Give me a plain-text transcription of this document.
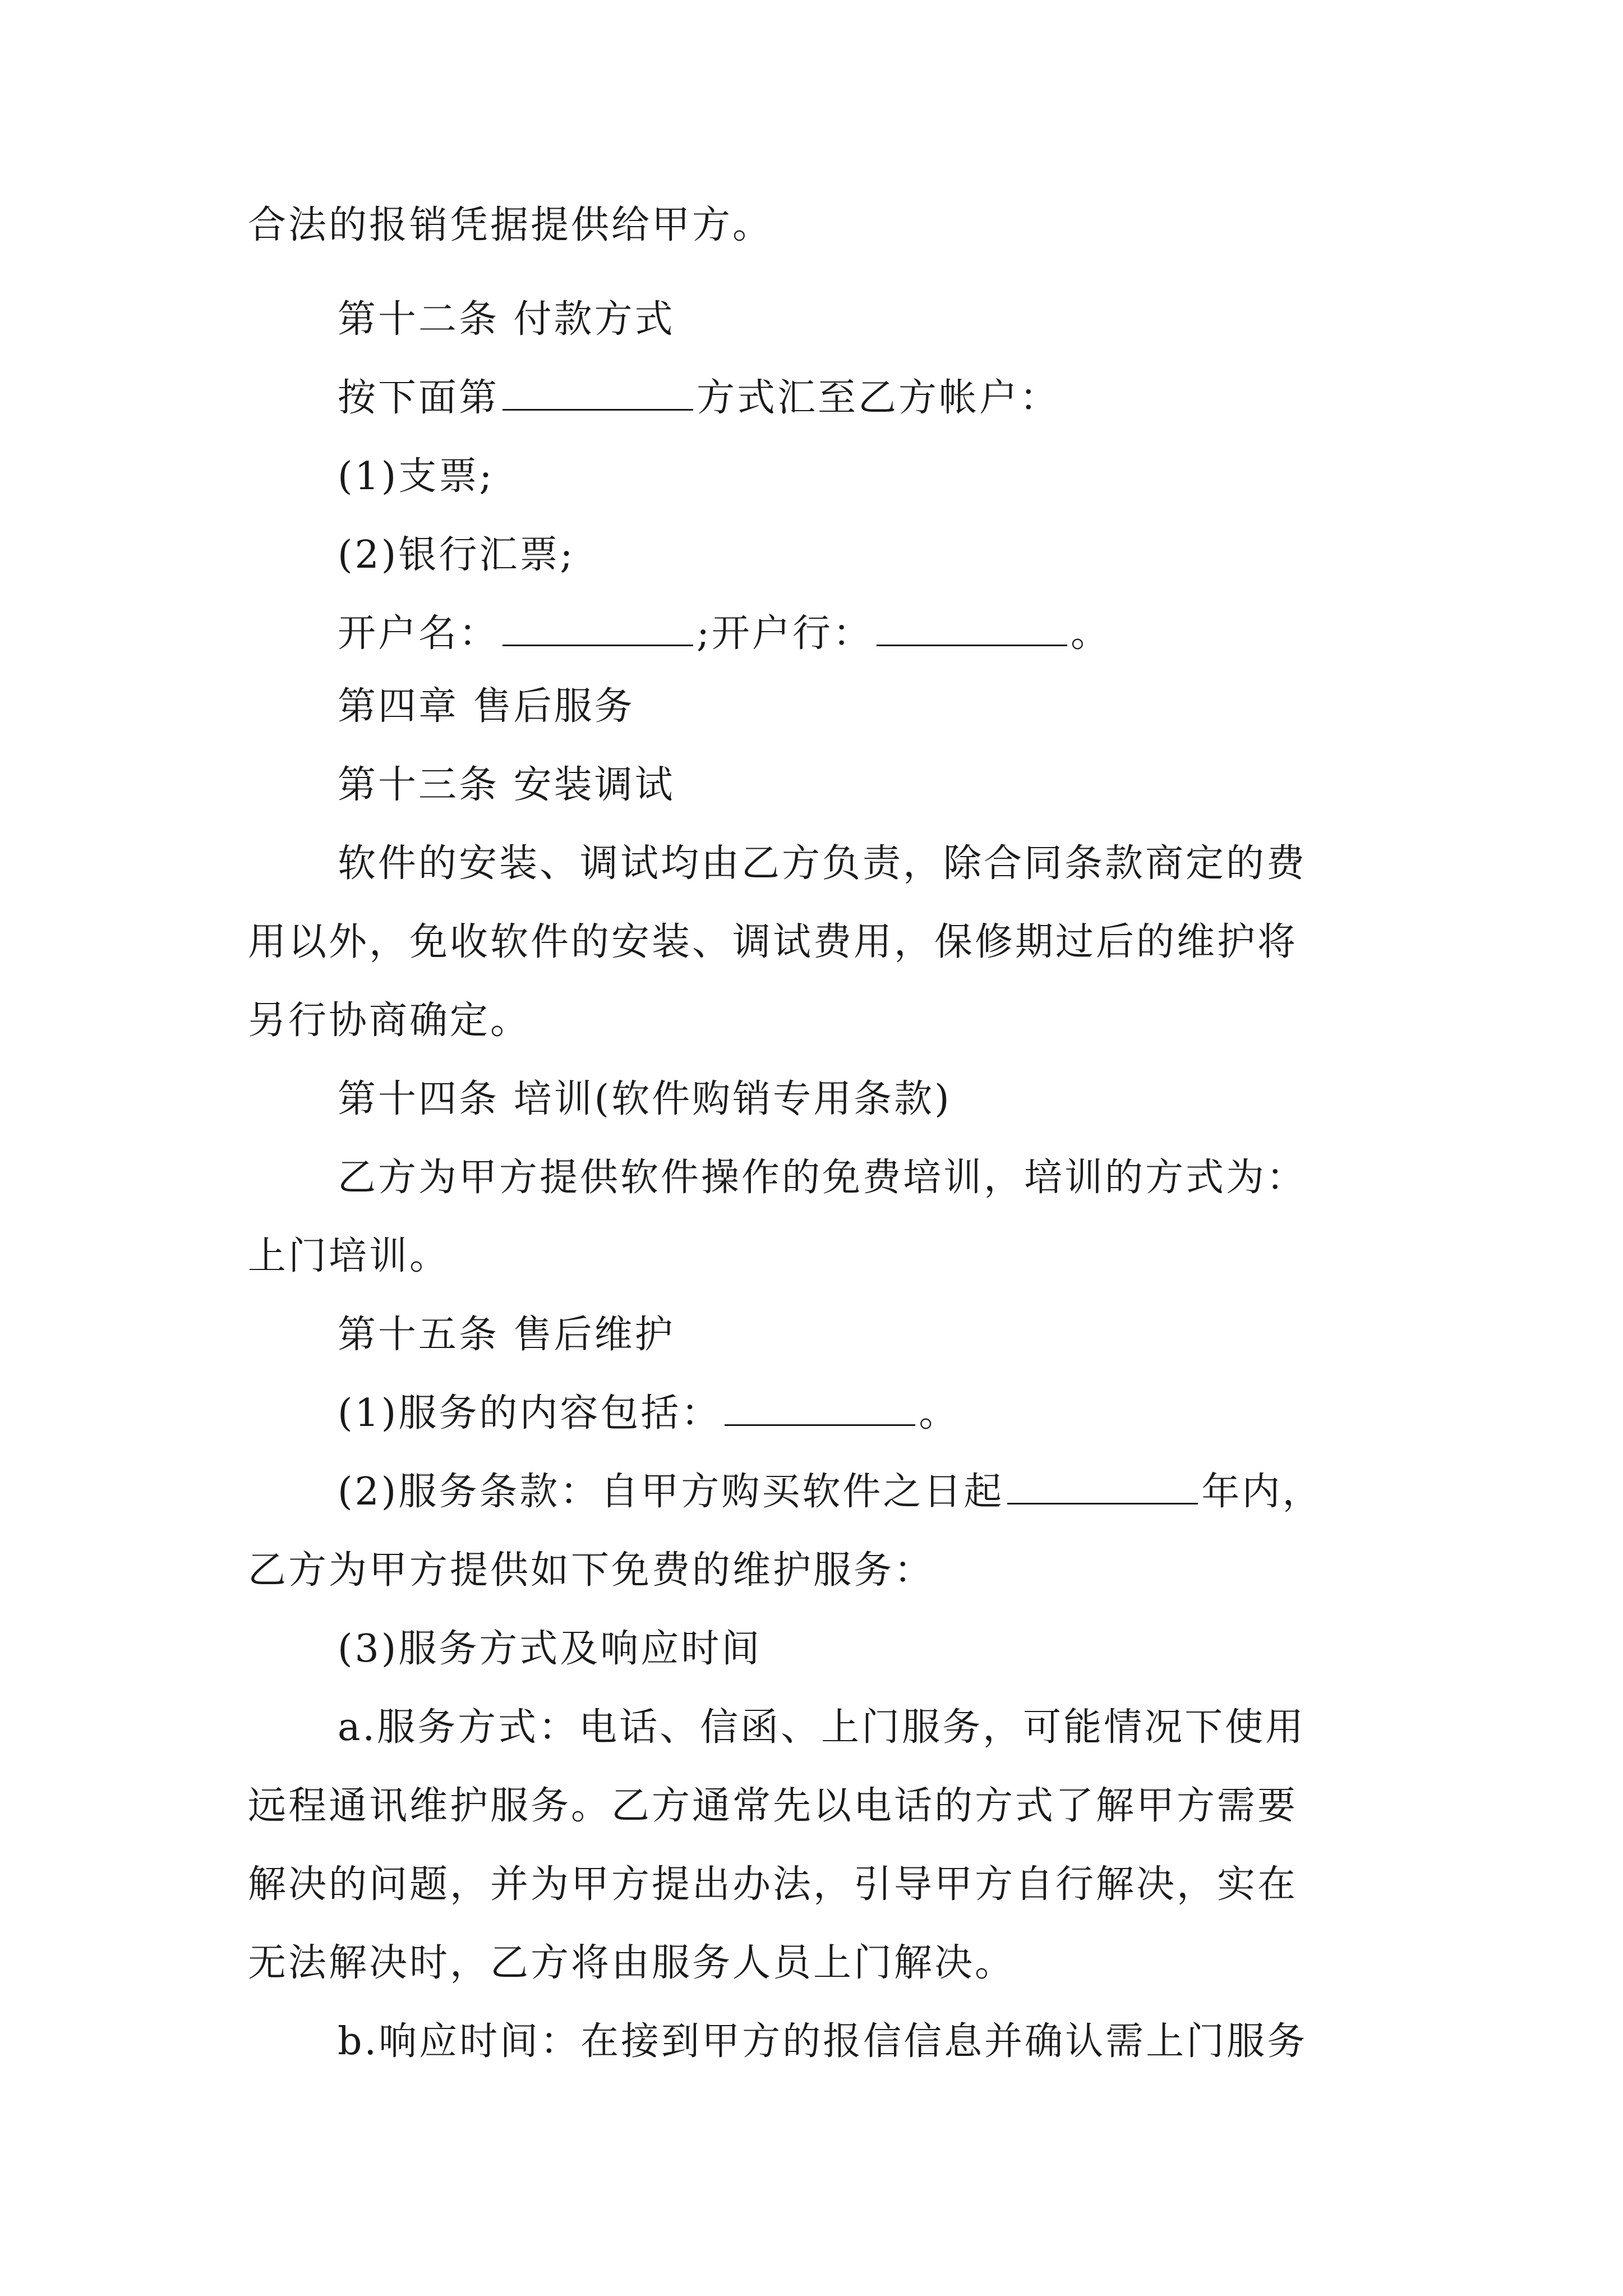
合法的报销凭据提供给甲方。
第十二条 付款方式
按下面第	方式汇至乙方帐户：
(1)支票;
(2)银行汇票;
开户名：	;开户行：	。
第四章 售后服务
第十三条 安装调试
软件的安装、调试均由乙方负责，除合同条款商定的费
用以外，免收软件的安装、调试费用，保修期过后的维护将
另行协商确定。
第十四条 培训(软件购销专用条款)
乙方为甲方提供软件操作的免费培训，培训的方式为：
上门培训。
第十五条 售后维护
(1)服务的内容包括：	。
(2)服务条款：自甲方购买软件之日起	年内，
乙方为甲方提供如下免费的维护服务：
(3)服务方式及响应时间
a.服务方式：电话、信函、上门服务，可能情况下使用
远程通讯维护服务。乙方通常先以电话的方式了解甲方需要
解决的问题，并为甲方提出办法，引导甲方自行解决，实在
无法解决时，乙方将由服务人员上门解决。
b.响应时间：在接到甲方的报信信息并确认需上门服务
